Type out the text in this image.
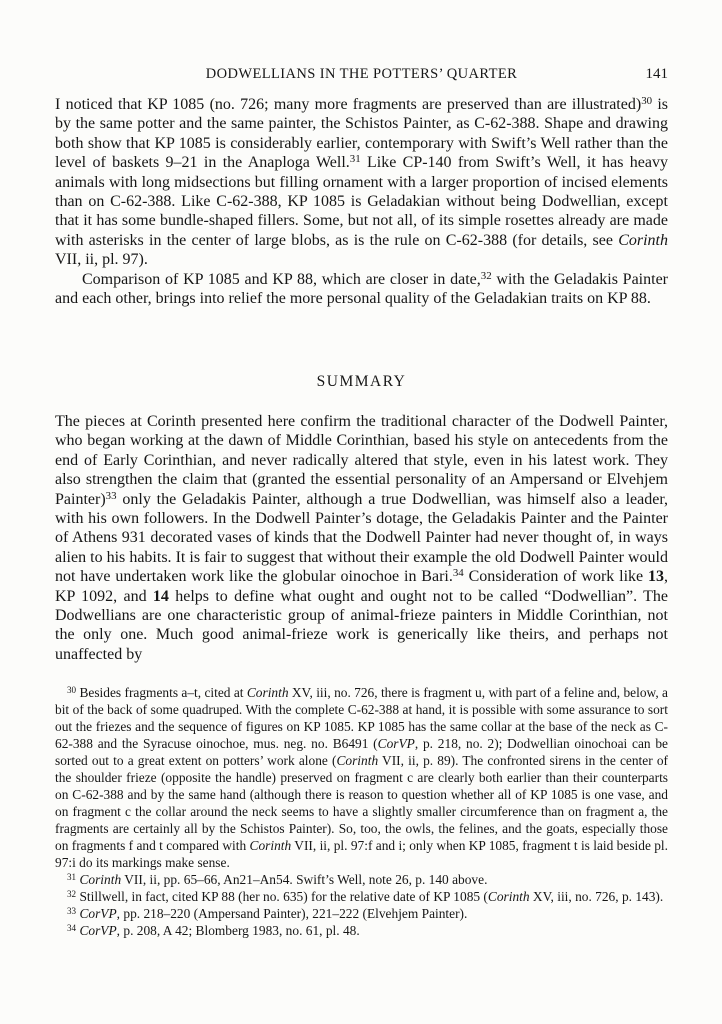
DODWELLIANS IN THE POTTERS’ QUARTER	141

I noticed that KP 1085 (no. 726; many more fragments are preserved than are illustrated)$^{30}$ is by the same potter and the same painter, the Schistos Painter, as C-62-388. Shape and drawing both show that KP 1085 is considerably earlier, contemporary with Swift’s Well rather than the level of baskets 9–21 in the Anaploga Well.$^{31}$ Like CP-140 from Swift’s Well, it has heavy animals with long midsections but filling ornament with a larger proportion of incised elements than on C-62-388. Like C-62-388, KP 1085 is Geladakian without being Dodwellian, except that it has some bundle-shaped fillers. Some, but not all, of its simple rosettes already are made with asterisks in the center of large blobs, as is the rule on C-62-388 (for details, see Corinth VII, ii, pl. 97).

Comparison of KP 1085 and KP 88, which are closer in date,$^{32}$ with the Geladakis Painter and each other, brings into relief the more personal quality of the Geladakian traits on KP 88.

SUMMARY

The pieces at Corinth presented here confirm the traditional character of the Dodwell Painter, who began working at the dawn of Middle Corinthian, based his style on antecedents from the end of Early Corinthian, and never radically altered that style, even in his latest work. They also strengthen the claim that (granted the essential personality of an Ampersand or Elvehjem Painter)$^{33}$ only the Geladakis Painter, although a true Dodwellian, was himself also a leader, with his own followers. In the Dodwell Painter’s dotage, the Geladakis Painter and the Painter of Athens 931 decorated vases of kinds that the Dodwell Painter had never thought of, in ways alien to his habits. It is fair to suggest that without their example the old Dodwell Painter would not have undertaken work like the globular oinochoe in Bari.$^{34}$ Consideration of work like 13, KP 1092, and 14 helps to define what ought and ought not to be called “Dodwellian”. The Dodwellians are one characteristic group of animal-frieze painters in Middle Corinthian, not the only one. Much good animal-frieze work is generically like theirs, and perhaps not unaffected by

$^{30}$ Besides fragments a–t, cited at Corinth XV, iii, no. 726, there is fragment u, with part of a feline and, below, a bit of the back of some quadruped. With the complete C-62-388 at hand, it is possible with some assurance to sort out the friezes and the sequence of figures on KP 1085. KP 1085 has the same collar at the base of the neck as C-62-388 and the Syracuse oinochoe, mus. neg. no. B6491 (CorVP, p. 218, no. 2); Dodwellian oinochoai can be sorted out to a great extent on potters’ work alone (Corinth VII, ii, p. 89). The confronted sirens in the center of the shoulder frieze (opposite the handle) preserved on fragment c are clearly both earlier than their counterparts on C-62-388 and by the same hand (although there is reason to question whether all of KP 1085 is one vase, and on fragment c the collar around the neck seems to have a slightly smaller circumference than on fragment a, the fragments are certainly all by the Schistos Painter). So, too, the owls, the felines, and the goats, especially those on fragments f and t compared with Corinth VII, ii, pl. 97:f and i; only when KP 1085, fragment t is laid beside pl. 97:i do its markings make sense.

$^{31}$ Corinth VII, ii, pp. 65–66, An21–An54. Swift’s Well, note 26, p. 140 above.

$^{32}$ Stillwell, in fact, cited KP 88 (her no. 635) for the relative date of KP 1085 (Corinth XV, iii, no. 726, p. 143).

$^{33}$ CorVP, pp. 218–220 (Ampersand Painter), 221–222 (Elvehjem Painter).

$^{34}$ CorVP, p. 208, A 42; Blomberg 1983, no. 61, pl. 48.
